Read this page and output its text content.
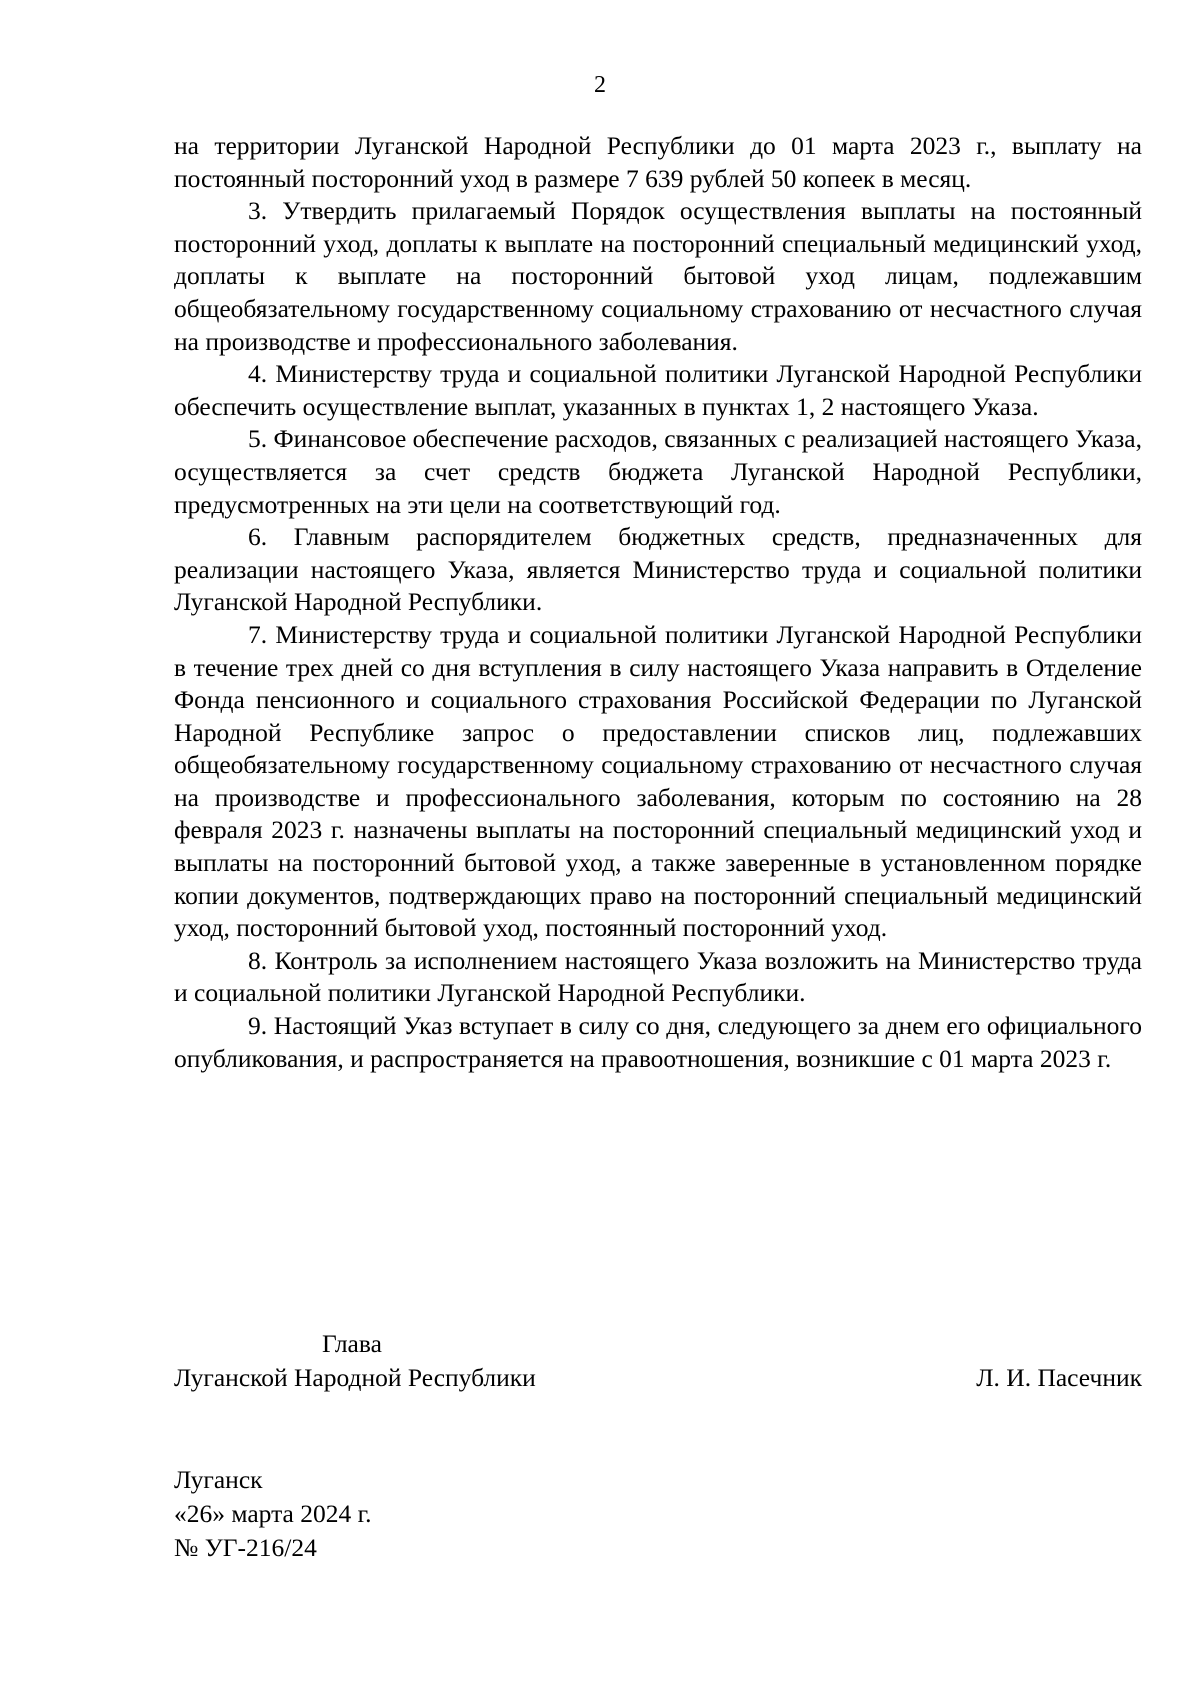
2

на территории Луганской Народной Республики до 01 марта 2023 г., выплату на постоянный посторонний уход в размере 7 639 рублей 50 копеек в месяц.

3. Утвердить прилагаемый Порядок осуществления выплаты на постоянный посторонний уход, доплаты к выплате на посторонний специальный медицинский уход, доплаты к выплате на посторонний бытовой уход лицам, подлежавшим общеобязательному государственному социальному страхованию от несчастного случая на производстве и профессионального заболевания.

4. Министерству труда и социальной политики Луганской Народной Республики обеспечить осуществление выплат, указанных в пунктах 1, 2 настоящего Указа.

5. Финансовое обеспечение расходов, связанных с реализацией настоящего Указа, осуществляется за счет средств бюджета Луганской Народной Республики, предусмотренных на эти цели на соответствующий год.

6. Главным распорядителем бюджетных средств, предназначенных для реализации настоящего Указа, является Министерство труда и социальной политики Луганской Народной Республики.

7. Министерству труда и социальной политики Луганской Народной Республики в течение трех дней со дня вступления в силу настоящего Указа направить в Отделение Фонда пенсионного и социального страхования Российской Федерации по Луганской Народной Республике запрос о предоставлении списков лиц, подлежавших общеобязательному государственному социальному страхованию от несчастного случая на производстве и профессионального заболевания, которым по состоянию на 28 февраля 2023 г. назначены выплаты на посторонний специальный медицинский уход и выплаты на посторонний бытовой уход, а также заверенные в установленном порядке копии документов, подтверждающих право на посторонний специальный медицинский уход, посторонний бытовой уход, постоянный посторонний уход.

8. Контроль за исполнением настоящего Указа возложить на Министерство труда и социальной политики Луганской Народной Республики.

9. Настоящий Указ вступает в силу со дня, следующего за днем его официального опубликования, и распространяется на правоотношения, возникшие с 01 марта 2023 г.

Глава
Луганской Народной Республики	Л. И. Пасечник
Луганск
«26» марта 2024 г.
№ УГ-216/24
